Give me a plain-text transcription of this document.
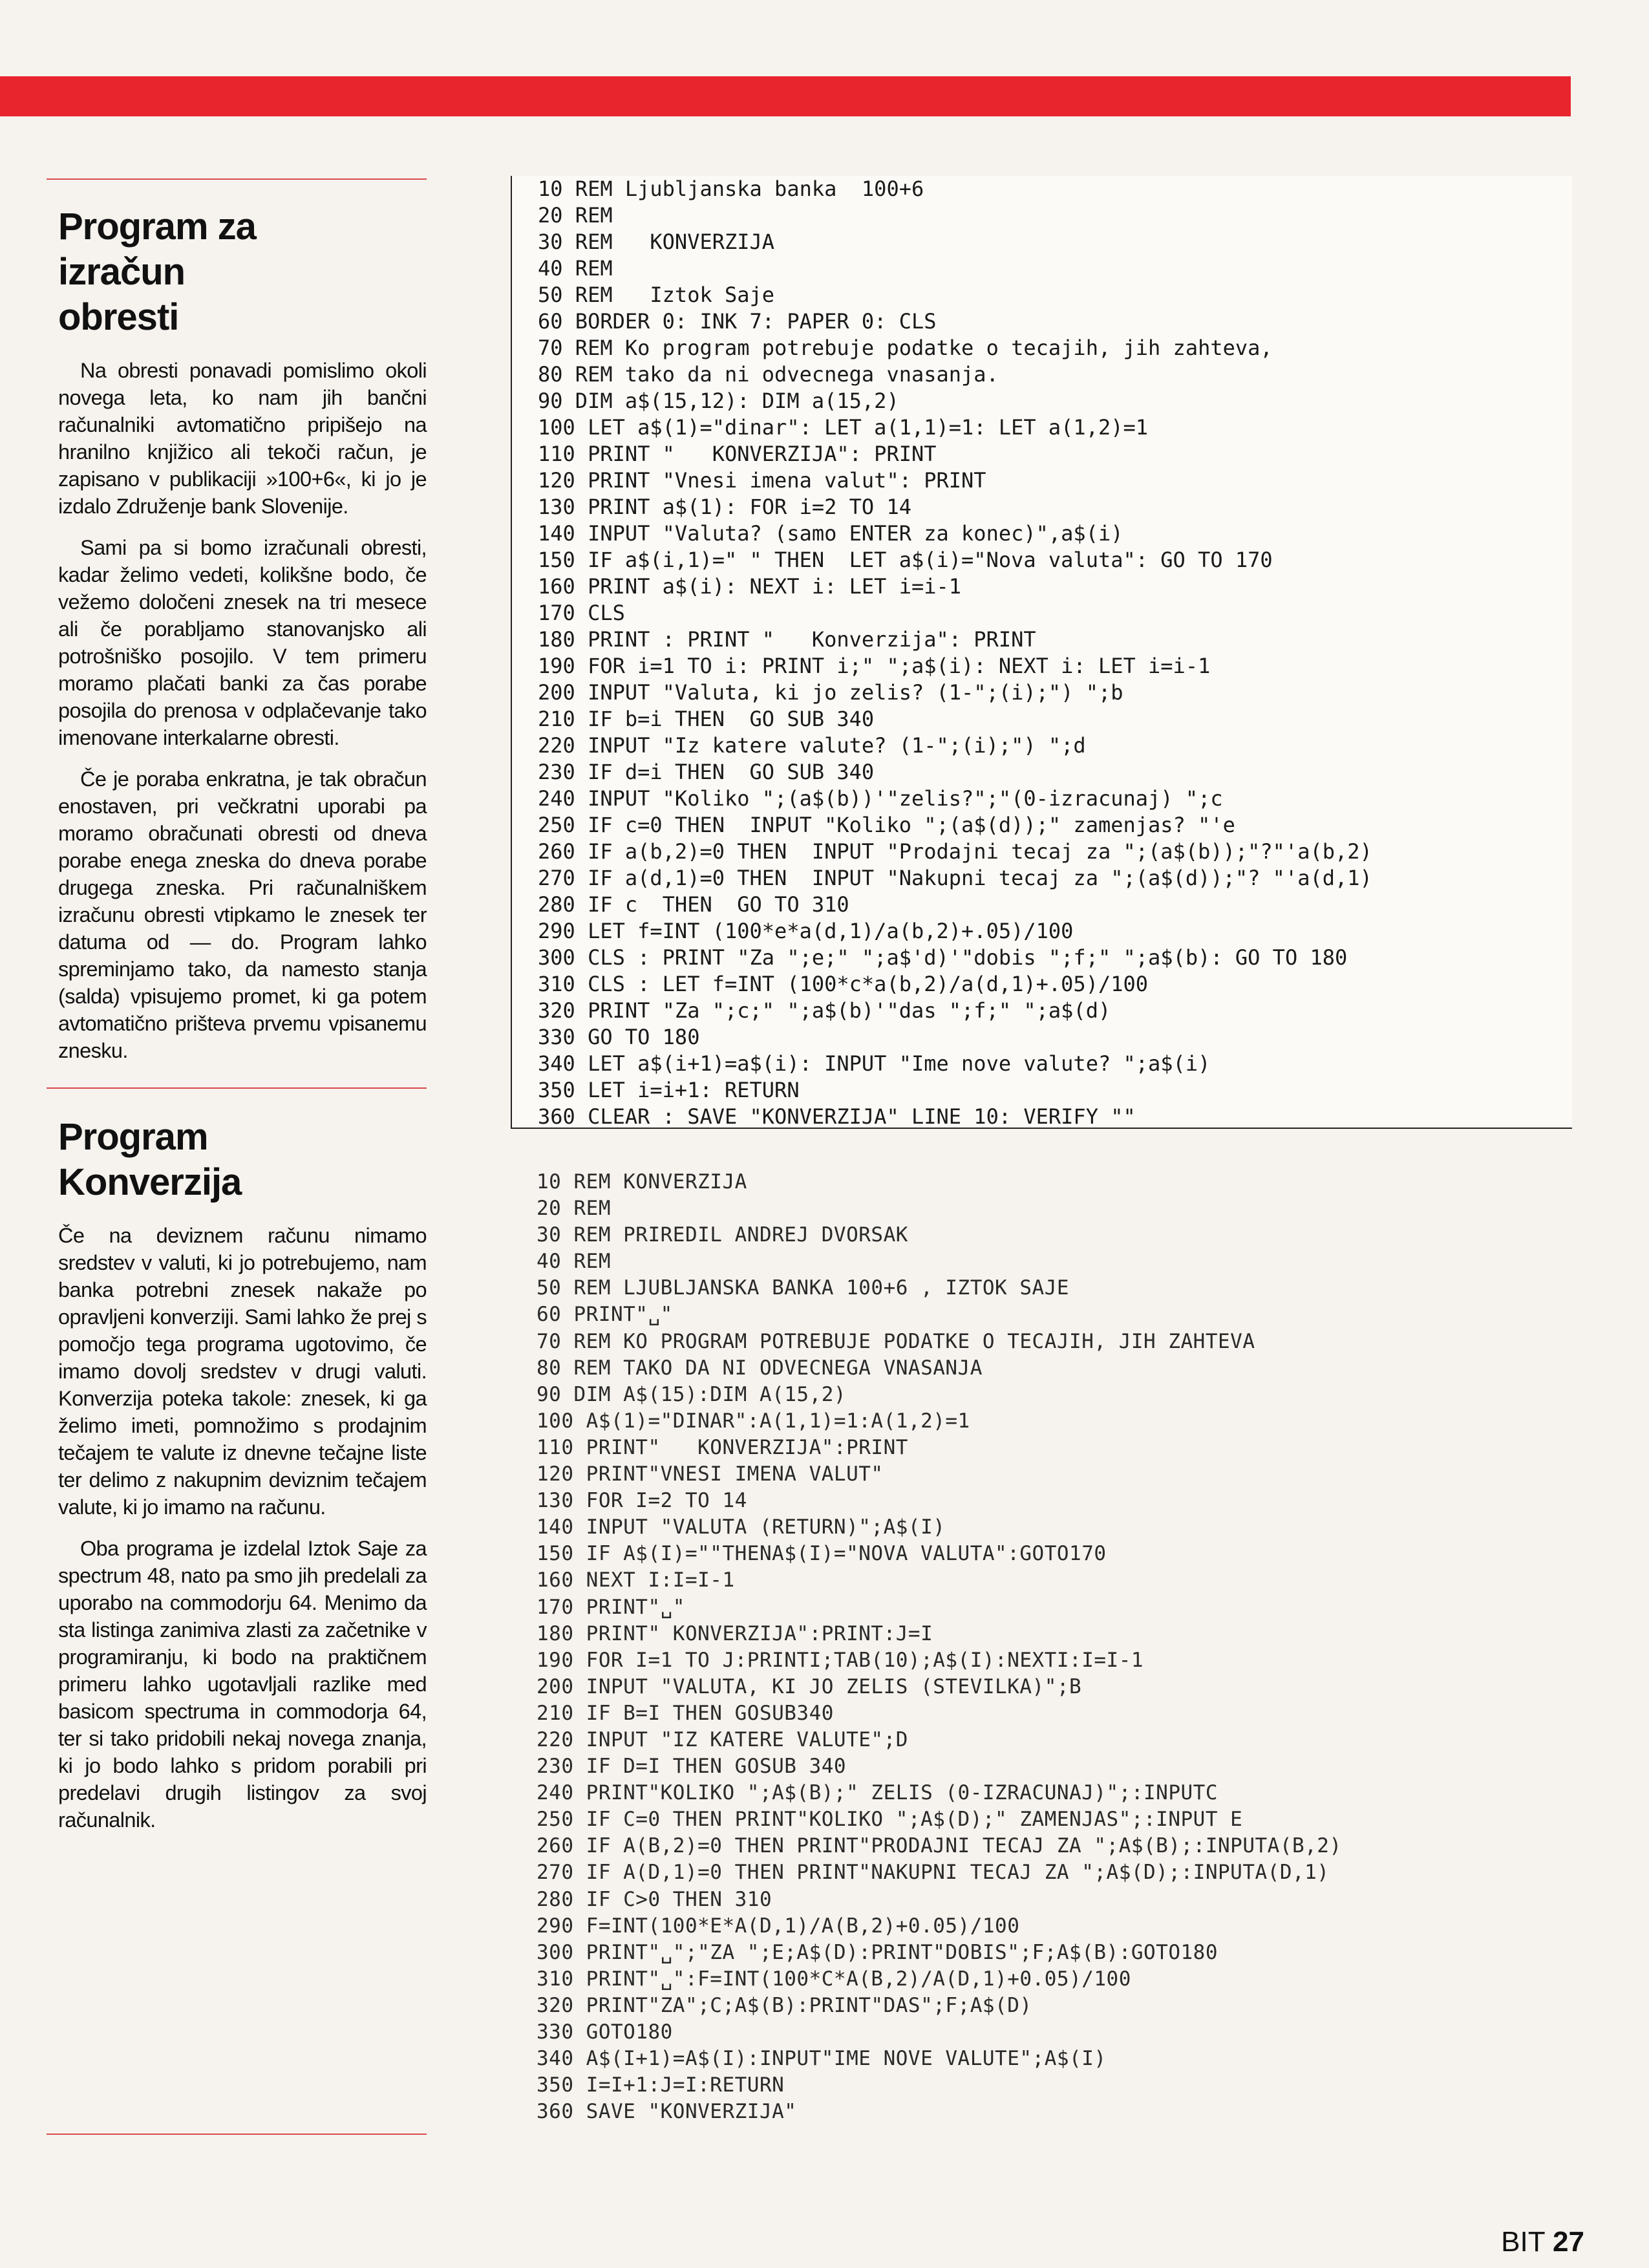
Program za
izračun
obresti

Na obresti ponavadi pomislimo okoli novega leta, ko nam jih bančni računalniki avtomatično pripišejo na hranilno knjižico ali tekoči račun, je zapisano v publikaciji »100+6«, ki jo je izdalo Združenje bank Slovenije.

Sami pa si bomo izračunali obresti, kadar želimo vedeti, kolikšne bodo, če vežemo določeni znesek na tri mesece ali če porabljamo stanovanjsko ali potrošniško posojilo. V tem primeru moramo plačati banki za čas porabe posojila do prenosa v odplačevanje tako imenovane interkalarne obresti.

Če je poraba enkratna, je tak obračun enostaven, pri večkratni uporabi pa moramo obračunati obresti od dneva porabe enega zneska do dneva porabe drugega zneska. Pri računalniškem izračunu obresti vtipkamo le znesek ter datuma od — do. Program lahko spreminjamo tako, da namesto stanja (salda) vpisujemo promet, ki ga potem avtomatično prišteva prvemu vpisanemu znesku.

Program
Konverzija

Če na deviznem računu nimamo sredstev v valuti, ki jo potrebujemo, nam banka potrebni znesek nakaže po opravljeni konverziji. Sami lahko že prej s pomočjo tega programa ugotovimo, če imamo dovolj sredstev v drugi valuti. Konverzija poteka takole: znesek, ki ga želimo imeti, pomnožimo s prodajnim tečajem te valute iz dnevne tečajne liste ter delimo z nakupnim deviznim tečajem valute, ki jo imamo na računu.

Oba programa je izdelal Iztok Saje za spectrum 48, nato pa smo jih predelali za uporabo na commodorju 64. Menimo da sta listinga zanimiva zlasti za začetnike v programiranju, ki bodo na praktičnem primeru lahko ugotavljali razlike med basicom spectruma in commodorja 64, ter si tako pridobili nekaj novega znanja, ki jo bodo lahko s pridom porabili pri predelavi drugih listingov za svoj računalnik.

10 REM Ljubljanska banka  100+6
20 REM
30 REM   KONVERZIJA
40 REM
50 REM   Iztok Saje
60 BORDER 0: INK 7: PAPER 0: CLS
70 REM Ko program potrebuje podatke o tecajih, jih zahteva,
80 REM tako da ni odvecnega vnasanja.
90 DIM a$(15,12): DIM a(15,2)
100 LET a$(1)="dinar": LET a(1,1)=1: LET a(1,2)=1
110 PRINT "   KONVERZIJA": PRINT
120 PRINT "Vnesi imena valut": PRINT
130 PRINT a$(1): FOR i=2 TO 14
140 INPUT "Valuta? (samo ENTER za konec)",a$(i)
150 IF a$(i,1)=" " THEN  LET a$(i)="Nova valuta": GO TO 170
160 PRINT a$(i): NEXT i: LET i=i-1
170 CLS
180 PRINT : PRINT "   Konverzija": PRINT
190 FOR i=1 TO i: PRINT i;" ";a$(i): NEXT i: LET i=i-1
200 INPUT "Valuta, ki jo zelis? (1-";(i);") ";b
210 IF b=i THEN  GO SUB 340
220 INPUT "Iz katere valute? (1-";(i);") ";d
230 IF d=i THEN  GO SUB 340
240 INPUT "Koliko ";(a$(b))'"zelis?";"(0-izracunaj) ";c
250 IF c=0 THEN  INPUT "Koliko ";(a$(d));" zamenjas? "'e
260 IF a(b,2)=0 THEN  INPUT "Prodajni tecaj za ";(a$(b));"?"'a(b,2)
270 IF a(d,1)=0 THEN  INPUT "Nakupni tecaj za ";(a$(d));"? "'a(d,1)
280 IF c  THEN  GO TO 310
290 LET f=INT (100*e*a(d,1)/a(b,2)+.05)/100
300 CLS : PRINT "Za ";e;" ";a$'d)'"dobis ";f;" ";a$(b): GO TO 180
310 CLS : LET f=INT (100*c*a(b,2)/a(d,1)+.05)/100
320 PRINT "Za ";c;" ";a$(b)'"das ";f;" ";a$(d)
330 GO TO 180
340 LET a$(i+1)=a$(i): INPUT "Ime nove valute? ";a$(i)
350 LET i=i+1: RETURN
360 CLEAR : SAVE "KONVERZIJA" LINE 10: VERIFY ""
10 REM KONVERZIJA
20 REM
30 REM PRIREDIL ANDREJ DVORSAK
40 REM
50 REM LJUBLJANSKA BANKA 100+6 , IZTOK SAJE
60 PRINT"␣"
70 REM KO PROGRAM POTREBUJE PODATKE O TECAJIH, JIH ZAHTEVA
80 REM TAKO DA NI ODVECNEGA VNASANJA
90 DIM A$(15):DIM A(15,2)
100 A$(1)="DINAR":A(1,1)=1:A(1,2)=1
110 PRINT"   KONVERZIJA":PRINT
120 PRINT"VNESI IMENA VALUT"
130 FOR I=2 TO 14
140 INPUT "VALUTA (RETURN)";A$(I)
150 IF A$(I)=""THENA$(I)="NOVA VALUTA":GOTO170
160 NEXT I:I=I-1
170 PRINT"␣"
180 PRINT" KONVERZIJA":PRINT:J=I
190 FOR I=1 TO J:PRINTI;TAB(10);A$(I):NEXTI:I=I-1
200 INPUT "VALUTA, KI JO ZELIS (STEVILKA)";B
210 IF B=I THEN GOSUB340
220 INPUT "IZ KATERE VALUTE";D
230 IF D=I THEN GOSUB 340
240 PRINT"KOLIKO ";A$(B);" ZELIS (0-IZRACUNAJ)";:INPUTC
250 IF C=0 THEN PRINT"KOLIKO ";A$(D);" ZAMENJAS";:INPUT E
260 IF A(B,2)=0 THEN PRINT"PRODAJNI TECAJ ZA ";A$(B);:INPUTA(B,2)
270 IF A(D,1)=0 THEN PRINT"NAKUPNI TECAJ ZA ";A$(D);:INPUTA(D,1)
280 IF C>0 THEN 310
290 F=INT(100*E*A(D,1)/A(B,2)+0.05)/100
300 PRINT"␣";"ZA ";E;A$(D):PRINT"DOBIS";F;A$(B):GOTO180
310 PRINT"␣":F=INT(100*C*A(B,2)/A(D,1)+0.05)/100
320 PRINT"ZA";C;A$(B):PRINT"DAS";F;A$(D)
330 GOTO180
340 A$(I+1)=A$(I):INPUT"IME NOVE VALUTE";A$(I)
350 I=I+1:J=I:RETURN
360 SAVE "KONVERZIJA"
BIT 27
